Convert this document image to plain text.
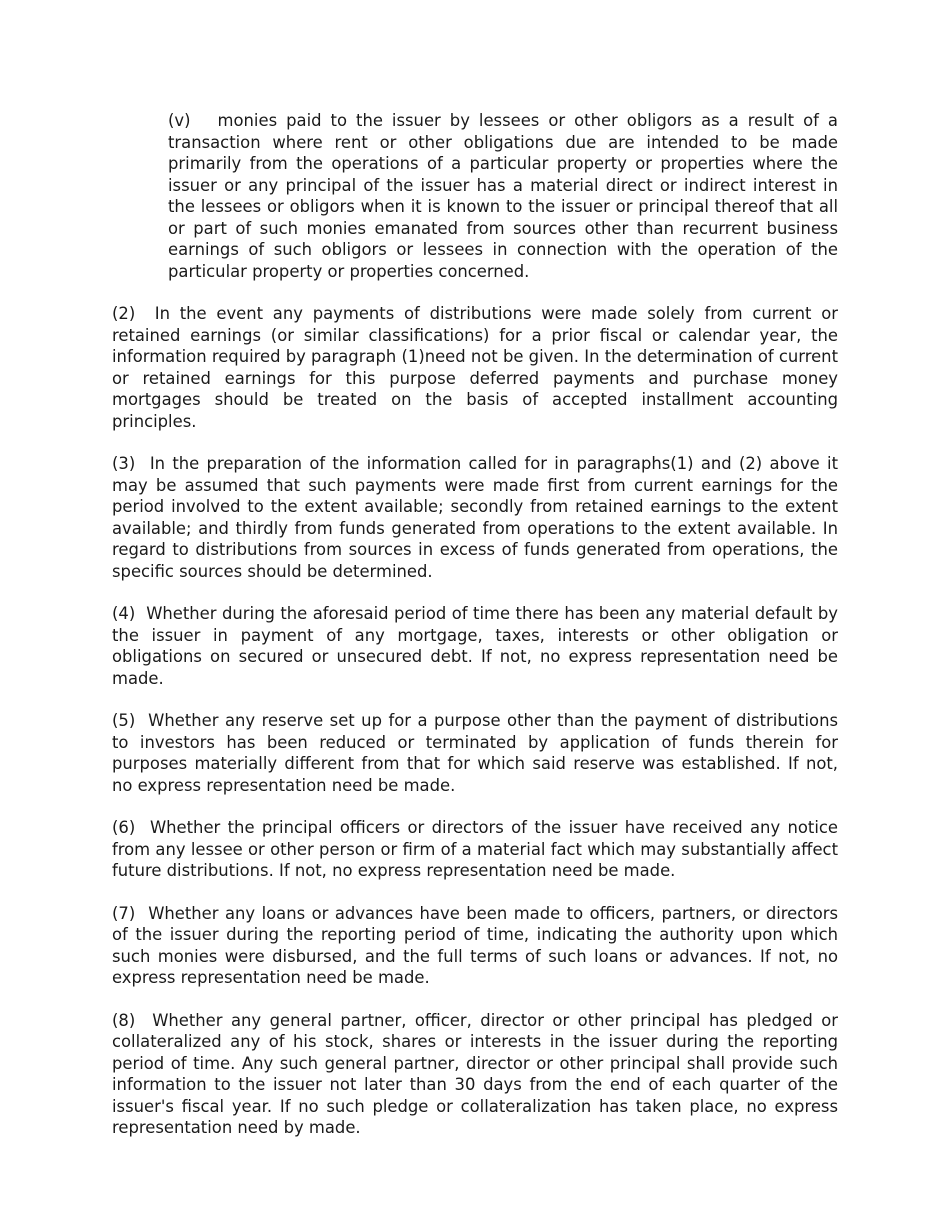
(v) monies paid to the issuer by lessees or other obligors as a result of a transaction where rent or other obligations due are intended to be made primarily from the operations of a particular property or properties where the issuer or any principal of the issuer has a material direct or indirect interest in the lessees or obligors when it is known to the issuer or principal thereof that all or part of such monies emanated from sources other than recurrent business earnings of such obligors or lessees in connection with the operation of the particular property or properties concerned.

(2) In the event any payments of distributions were made solely from current or retained earnings (or similar classifications) for a prior fiscal or calendar year, the information required by paragraph (1)need not be given. In the determination of current or retained earnings for this purpose deferred payments and purchase money mortgages should be treated on the basis of accepted installment accounting principles.

(3) In the preparation of the information called for in paragraphs(1) and (2) above it may be assumed that such payments were made first from current earnings for the period involved to the extent available; secondly from retained earnings to the extent available; and thirdly from funds generated from operations to the extent available. In regard to distributions from sources in excess of funds generated from operations, the specific sources should be determined.

(4) Whether during the aforesaid period of time there has been any material default by the issuer in payment of any mortgage, taxes, interests or other obligation or obligations on secured or unsecured debt. If not, no express representation need be made.

(5) Whether any reserve set up for a purpose other than the payment of distributions to investors has been reduced or terminated by application of funds therein for purposes materially different from that for which said reserve was established. If not, no express representation need be made.

(6) Whether the principal officers or directors of the issuer have received any notice from any lessee or other person or firm of a material fact which may substantially affect future distributions. If not, no express representation need be made.

(7) Whether any loans or advances have been made to officers, partners, or directors of the issuer during the reporting period of time, indicating the authority upon which such monies were disbursed, and the full terms of such loans or advances. If not, no express representation need be made.

(8) Whether any general partner, officer, director or other principal has pledged or collateralized any of his stock, shares or interests in the issuer during the reporting period of time. Any such general partner, director or other principal shall provide such information to the issuer not later than 30 days from the end of each quarter of the issuer's fiscal year. If no such pledge or collateralization has taken place, no express representation need by made.
